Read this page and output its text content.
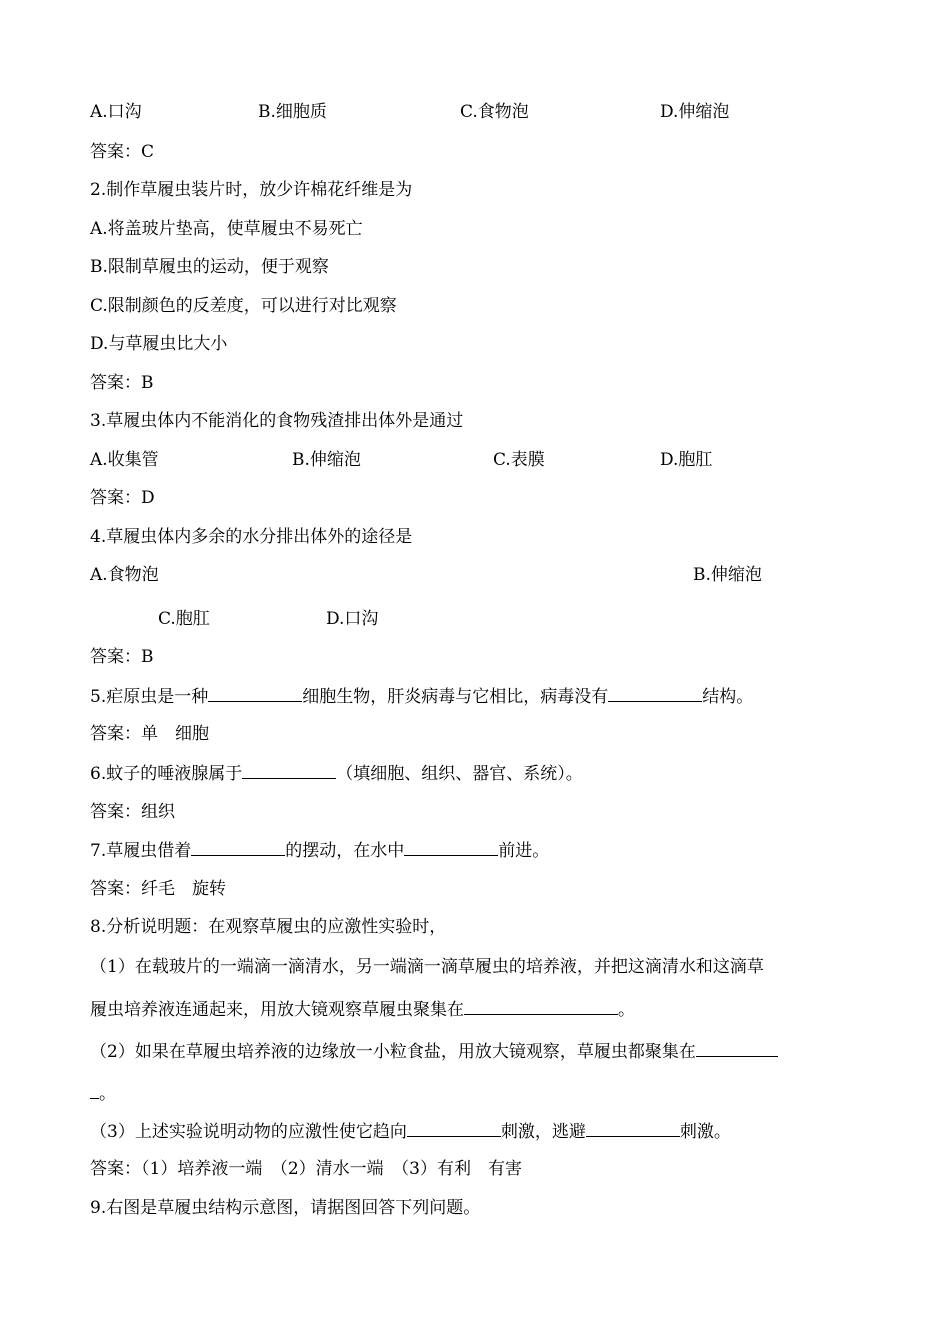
A.口沟	B.细胞质	C.食物泡	D.伸缩泡
答案：C
2.制作草履虫装片时，放少许棉花纤维是为
A.将盖玻片垫高，使草履虫不易死亡
B.限制草履虫的运动，便于观察
C.限制颜色的反差度，可以进行对比观察
D.与草履虫比大小
答案：B
3.草履虫体内不能消化的食物残渣排出体外是通过
A.收集管	B.伸缩泡	C.表膜	D.胞肛
答案：D
4.草履虫体内多余的水分排出体外的途径是
A.食物泡	B.伸缩泡
C.胞肛	D.口沟
答案：B
5.疟原虫是一种	细胞生物，肝炎病毒与它相比，病毒没有	结构。
答案：单　细胞
6.蚊子的唾液腺属于	（填细胞、组织、器官、系统）。
答案：组织
7.草履虫借着	的摆动，在水中	前进。
答案：纤毛　旋转
8.分析说明题：在观察草履虫的应激性实验时，
（1）在载玻片的一端滴一滴清水，另一端滴一滴草履虫的培养液，并把这滴清水和这滴草
履虫培养液连通起来，用放大镜观察草履虫聚集在	。
（2）如果在草履虫培养液的边缘放一小粒食盐，用放大镜观察，草履虫都聚集在
。
（3）上述实验说明动物的应激性使它趋向	刺激，逃避	刺激。
答案：（1）培养液一端　（2）清水一端　（3）有利　有害
9.右图是草履虫结构示意图，请据图回答下列问题。
